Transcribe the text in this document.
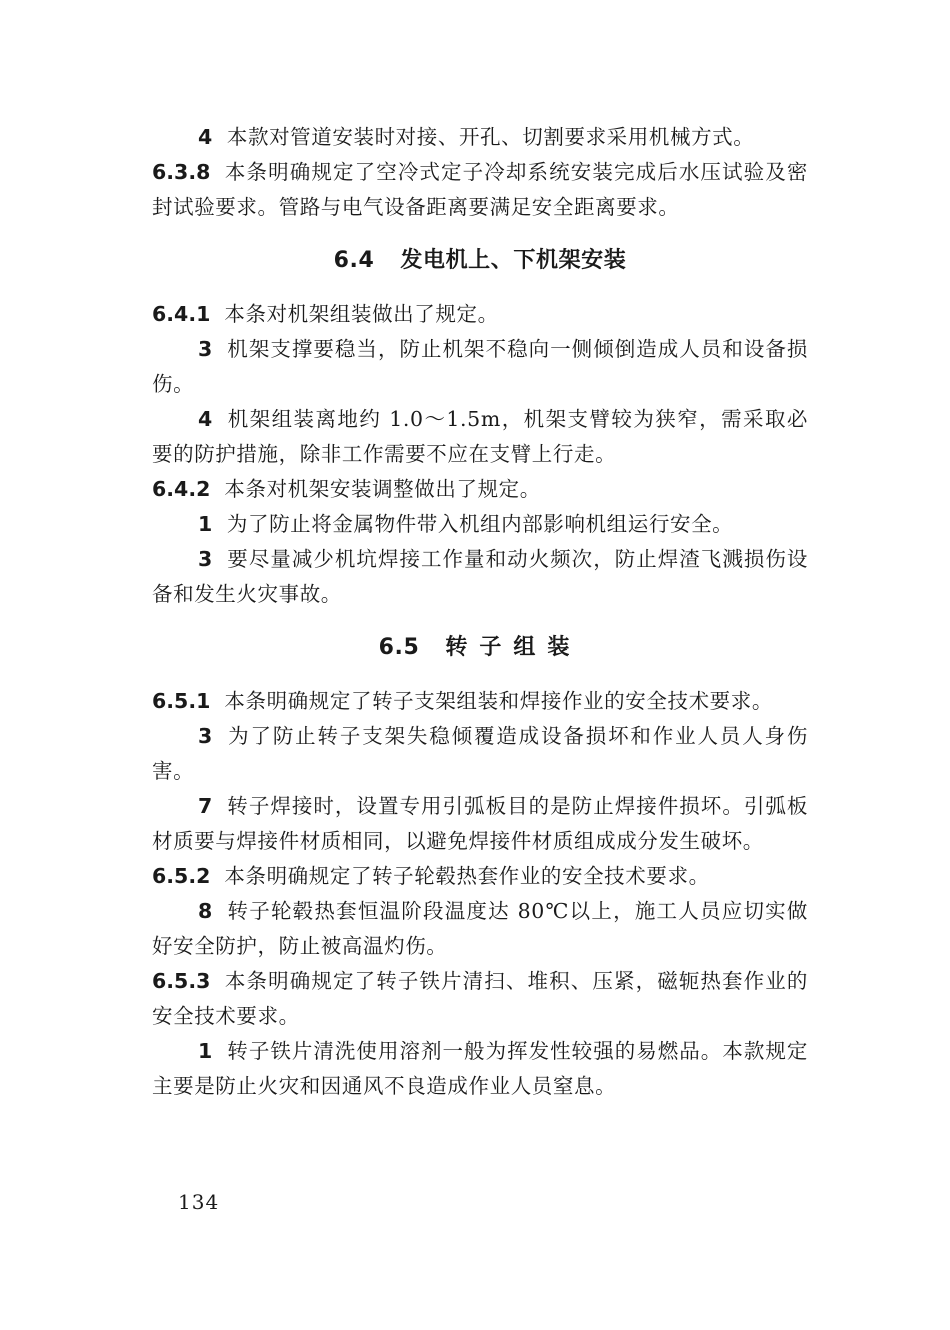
4 本款对管道安装时对接、开孔、切割要求采用机械方式。

6.3.8 本条明确规定了空冷式定子冷却系统安装完成后水压试验及密封试验要求。管路与电气设备距离要满足安全距离要求。

6.4 发电机上、下机架安装

6.4.1 本条对机架组装做出了规定。

3 机架支撑要稳当，防止机架不稳向一侧倾倒造成人员和设备损伤。

4 机架组装离地约 1.0～1.5m，机架支臂较为狭窄，需采取必要的防护措施，除非工作需要不应在支臂上行走。

6.4.2 本条对机架安装调整做出了规定。

1 为了防止将金属物件带入机组内部影响机组运行安全。

3 要尽量减少机坑焊接工作量和动火频次，防止焊渣飞溅损伤设备和发生火灾事故。

6.5 转子组装

6.5.1 本条明确规定了转子支架组装和焊接作业的安全技术要求。

3 为了防止转子支架失稳倾覆造成设备损坏和作业人员人身伤害。

7 转子焊接时，设置专用引弧板目的是防止焊接件损坏。引弧板材质要与焊接件材质相同，以避免焊接件材质组成成分发生破坏。

6.5.2 本条明确规定了转子轮毂热套作业的安全技术要求。

8 转子轮毂热套恒温阶段温度达 80℃以上，施工人员应切实做好安全防护，防止被高温灼伤。

6.5.3 本条明确规定了转子铁片清扫、堆积、压紧，磁轭热套作业的安全技术要求。

1 转子铁片清洗使用溶剂一般为挥发性较强的易燃品。本款规定主要是防止火灾和因通风不良造成作业人员窒息。

134
